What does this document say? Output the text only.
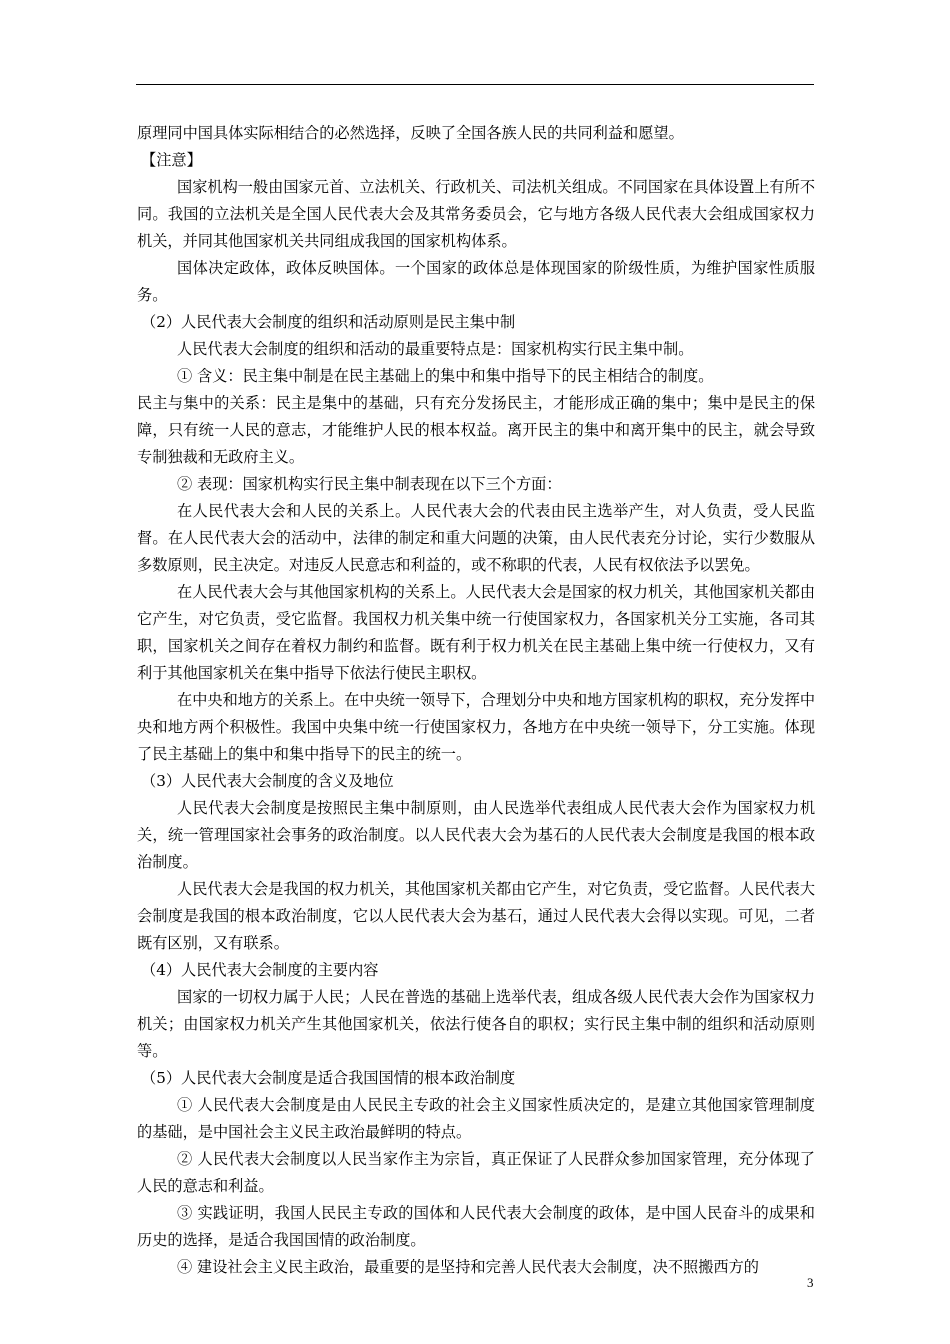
原理同中国具体实际相结合的必然选择，反映了全国各族人民的共同利益和愿望。

【注意】

国家机构一般由国家元首、立法机关、行政机关、司法机关组成。不同国家在具体设置上有所不同。我国的立法机关是全国人民代表大会及其常务委员会，它与地方各级人民代表大会组成国家权力机关，并同其他国家机关共同组成我国的国家机构体系。

国体决定政体，政体反映国体。一个国家的政体总是体现国家的阶级性质，为维护国家性质服务。

（2）人民代表大会制度的组织和活动原则是民主集中制

人民代表大会制度的组织和活动的最重要特点是：国家机构实行民主集中制。

① 含义：民主集中制是在民主基础上的集中和集中指导下的民主相结合的制度。

民主与集中的关系：民主是集中的基础，只有充分发扬民主，才能形成正确的集中；集中是民主的保障，只有统一人民的意志，才能维护人民的根本权益。离开民主的集中和离开集中的民主，就会导致专制独裁和无政府主义。

② 表现：国家机构实行民主集中制表现在以下三个方面：

在人民代表大会和人民的关系上。人民代表大会的代表由民主选举产生，对人负责，受人民监督。在人民代表大会的活动中，法律的制定和重大问题的决策，由人民代表充分讨论，实行少数服从多数原则，民主决定。对违反人民意志和利益的，或不称职的代表，人民有权依法予以罢免。

在人民代表大会与其他国家机构的关系上。人民代表大会是国家的权力机关，其他国家机关都由它产生，对它负责，受它监督。我国权力机关集中统一行使国家权力，各国家机关分工实施，各司其职，国家机关之间存在着权力制约和监督。既有利于权力机关在民主基础上集中统一行使权力，又有利于其他国家机关在集中指导下依法行使民主职权。

在中央和地方的关系上。在中央统一领导下，合理划分中央和地方国家机构的职权，充分发挥中央和地方两个积极性。我国中央集中统一行使国家权力，各地方在中央统一领导下，分工实施。体现了民主基础上的集中和集中指导下的民主的统一。

（3）人民代表大会制度的含义及地位

人民代表大会制度是按照民主集中制原则，由人民选举代表组成人民代表大会作为国家权力机关，统一管理国家社会事务的政治制度。以人民代表大会为基石的人民代表大会制度是我国的根本政治制度。

人民代表大会是我国的权力机关，其他国家机关都由它产生，对它负责，受它监督。人民代表大会制度是我国的根本政治制度，它以人民代表大会为基石，通过人民代表大会得以实现。可见，二者既有区别，又有联系。

（4）人民代表大会制度的主要内容

国家的一切权力属于人民；人民在普选的基础上选举代表，组成各级人民代表大会作为国家权力机关；由国家权力机关产生其他国家机关，依法行使各自的职权；实行民主集中制的组织和活动原则等。

（5）人民代表大会制度是适合我国国情的根本政治制度

① 人民代表大会制度是由人民民主专政的社会主义国家性质决定的，是建立其他国家管理制度的基础，是中国社会主义民主政治最鲜明的特点。

② 人民代表大会制度以人民当家作主为宗旨，真正保证了人民群众参加国家管理，充分体现了人民的意志和利益。

③ 实践证明，我国人民民主专政的国体和人民代表大会制度的政体，是中国人民奋斗的成果和历史的选择，是适合我国国情的政治制度。

④ 建设社会主义民主政治，最重要的是坚持和完善人民代表大会制度，决不照搬西方的

3
